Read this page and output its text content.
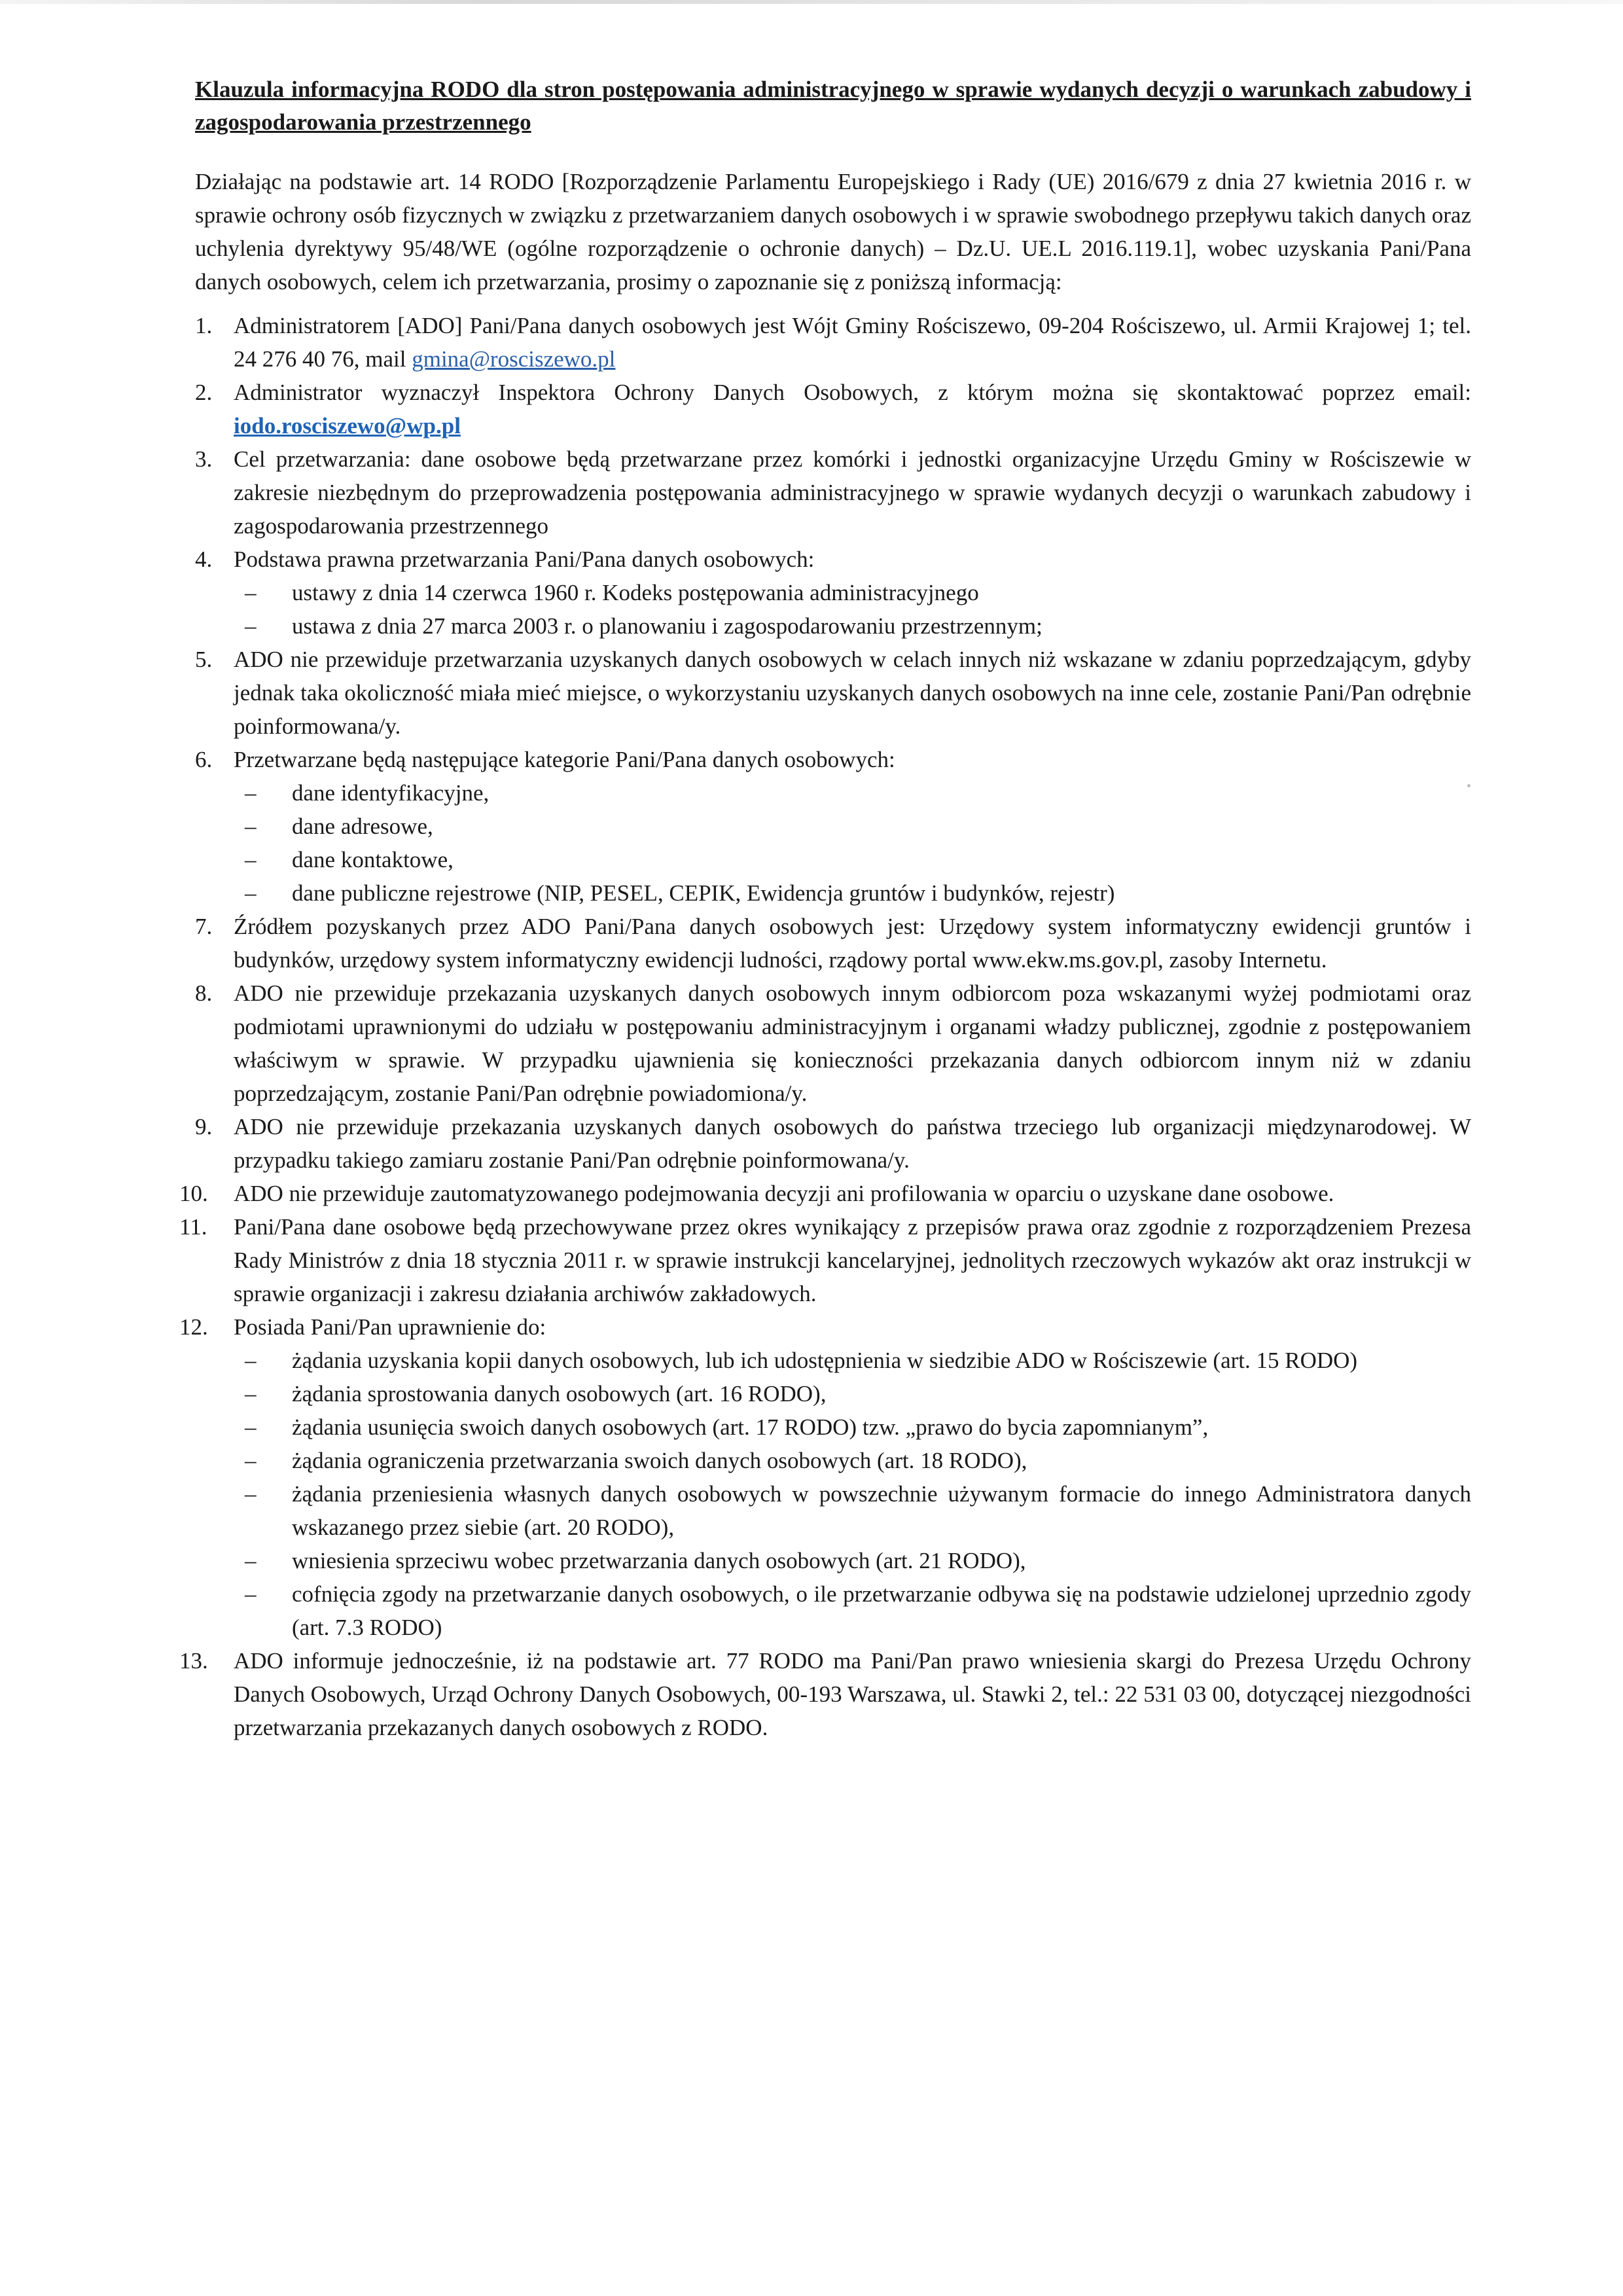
Klauzula informacyjna RODO dla stron postępowania administracyjnego w sprawie wydanych decyzji o warunkach zabudowy i zagospodarowania przestrzennego

Działając na podstawie art. 14 RODO [Rozporządzenie Parlamentu Europejskiego i Rady (UE) 2016/679 z dnia 27 kwietnia 2016 r. w sprawie ochrony osób fizycznych w związku z przetwarzaniem danych osobowych i w sprawie swobodnego przepływu takich danych oraz uchylenia dyrektywy 95/48/WE (ogólne rozporządzenie o ochronie danych) – Dz.U. UE.L 2016.119.1], wobec uzyskania Pani/Pana danych osobowych, celem ich przetwarzania, prosimy o zapoznanie się z poniższą informacją:

1. Administratorem [ADO] Pani/Pana danych osobowych jest Wójt Gminy Rościszewo, 09-204 Rościszewo, ul. Armii Krajowej 1; tel. 24 276 40 76, mail gmina@rosciszewo.pl
2. Administrator wyznaczył Inspektora Ochrony Danych Osobowych, z którym można się skontaktować poprzez email: iodo.rosciszewo@wp.pl
3. Cel przetwarzania: dane osobowe będą przetwarzane przez komórki i jednostki organizacyjne Urzędu Gminy w Rościszewie w zakresie niezbędnym do przeprowadzenia postępowania administracyjnego w sprawie wydanych decyzji o warunkach zabudowy i zagospodarowania przestrzennego
4. Podstawa prawna przetwarzania Pani/Pana danych osobowych:
– ustawy z dnia 14 czerwca 1960 r. Kodeks postępowania administracyjnego
– ustawa z dnia 27 marca 2003 r. o planowaniu i zagospodarowaniu przestrzennym;
5. ADO nie przewiduje przetwarzania uzyskanych danych osobowych w celach innych niż wskazane w zdaniu poprzedzającym, gdyby jednak taka okoliczność miała mieć miejsce, o wykorzystaniu uzyskanych danych osobowych na inne cele, zostanie Pani/Pan odrębnie poinformowana/y.
6. Przetwarzane będą następujące kategorie Pani/Pana danych osobowych:
– dane identyfikacyjne,
– dane adresowe,
– dane kontaktowe,
– dane publiczne rejestrowe (NIP, PESEL, CEPIK, Ewidencja gruntów i budynków, rejestr)
7. Źródłem pozyskanych przez ADO Pani/Pana danych osobowych jest: Urzędowy system informatyczny ewidencji gruntów i budynków, urzędowy system informatyczny ewidencji ludności, rządowy portal www.ekw.ms.gov.pl, zasoby Internetu.
8. ADO nie przewiduje przekazania uzyskanych danych osobowych innym odbiorcom poza wskazanymi wyżej podmiotami oraz podmiotami uprawnionymi do udziału w postępowaniu administracyjnym i organami władzy publicznej, zgodnie z postępowaniem właściwym w sprawie. W przypadku ujawnienia się konieczności przekazania danych odbiorcom innym niż w zdaniu poprzedzającym, zostanie Pani/Pan odrębnie powiadomiona/y.
9. ADO nie przewiduje przekazania uzyskanych danych osobowych do państwa trzeciego lub organizacji międzynarodowej. W przypadku takiego zamiaru zostanie Pani/Pan odrębnie poinformowana/y.
10. ADO nie przewiduje zautomatyzowanego podejmowania decyzji ani profilowania w oparciu o uzyskane dane osobowe.
11. Pani/Pana dane osobowe będą przechowywane przez okres wynikający z przepisów prawa oraz zgodnie z rozporządzeniem Prezesa Rady Ministrów z dnia 18 stycznia 2011 r. w sprawie instrukcji kancelaryjnej, jednolitych rzeczowych wykazów akt oraz instrukcji w sprawie organizacji i zakresu działania archiwów zakładowych.
12. Posiada Pani/Pan uprawnienie do:
– żądania uzyskania kopii danych osobowych, lub ich udostępnienia w siedzibie ADO w Rościszewie (art. 15 RODO)
– żądania sprostowania danych osobowych (art. 16 RODO),
– żądania usunięcia swoich danych osobowych (art. 17 RODO) tzw. „prawo do bycia zapomnianym”,
– żądania ograniczenia przetwarzania swoich danych osobowych (art. 18 RODO),
– żądania przeniesienia własnych danych osobowych w powszechnie używanym formacie do innego Administratora danych wskazanego przez siebie (art. 20 RODO),
– wniesienia sprzeciwu wobec przetwarzania danych osobowych (art. 21 RODO),
– cofnięcia zgody na przetwarzanie danych osobowych, o ile przetwarzanie odbywa się na podstawie udzielonej uprzednio zgody (art. 7.3 RODO)
13. ADO informuje jednocześnie, iż na podstawie art. 77 RODO ma Pani/Pan prawo wniesienia skargi do Prezesa Urzędu Ochrony Danych Osobowych, Urząd Ochrony Danych Osobowych, 00-193 Warszawa, ul. Stawki 2, tel.: 22 531 03 00, dotyczącej niezgodności przetwarzania przekazanych danych osobowych z RODO.
